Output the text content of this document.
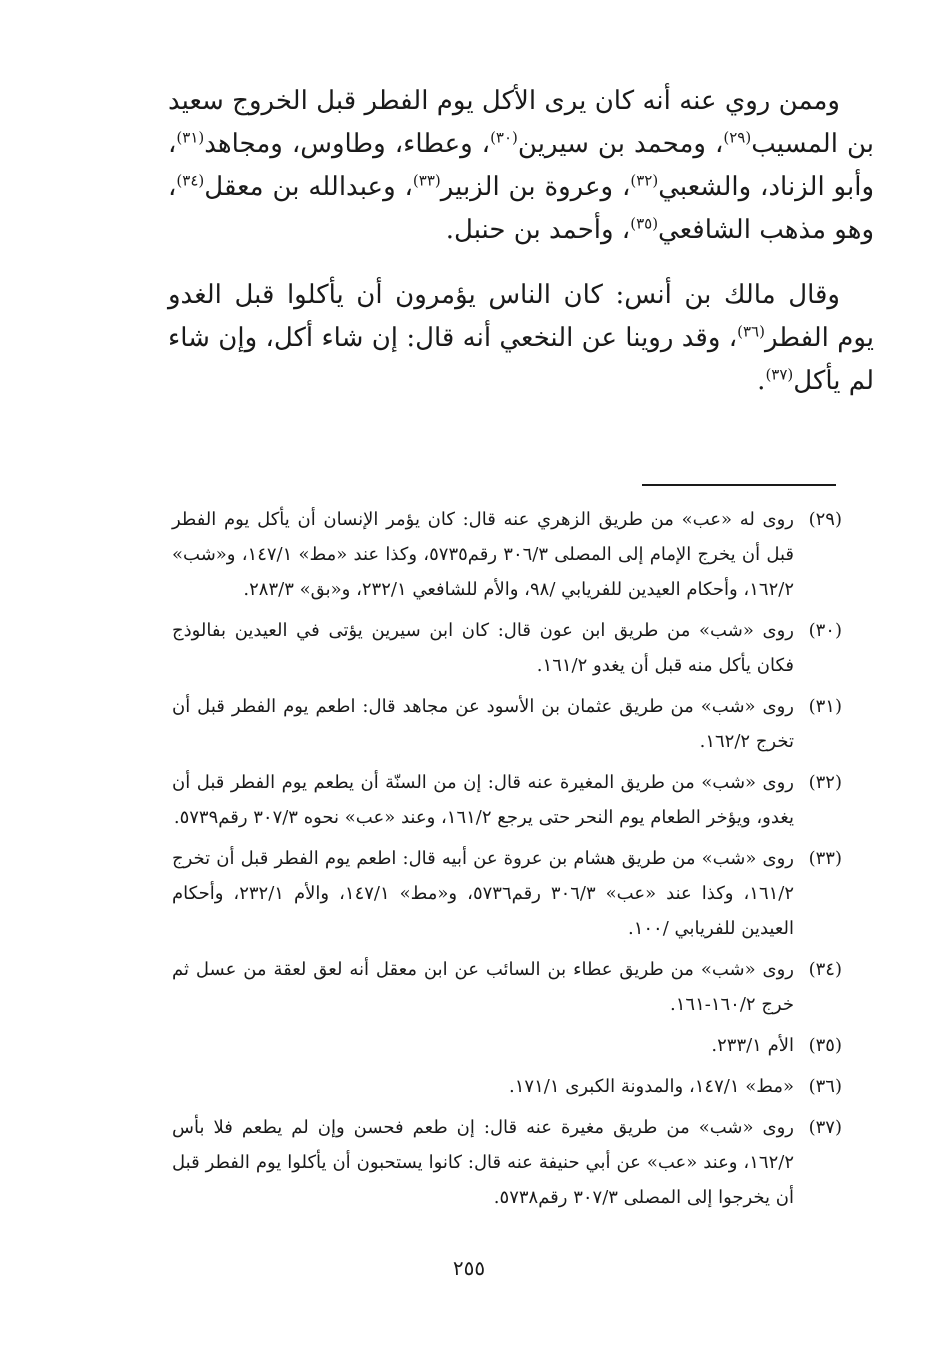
وممن روي عنه أنه كان يرى الأكل يوم الفطر قبل الخروج سعيد بن المسيب$^{(٢٩)}$، ومحمد بن سيرين$^{(٣٠)}$، وعطاء، وطاوس، ومجاهد$^{(٣١)}$، وأبو الزناد، والشعبي$^{(٣٢)}$، وعروة بن الزبير$^{(٣٣)}$، وعبدالله بن معقل$^{(٣٤)}$، وهو مذهب الشافعي$^{(٣٥)}$، وأحمد بن حنبل.

وقال مالك بن أنس: كان الناس يؤمرون أن يأكلوا قبل الغدو يوم الفطر$^{(٣٦)}$، وقد روينا عن النخعي أنه قال: إن شاء أكل، وإن شاء لم يأكل$^{(٣٧)}$.

(٢٩)
روى له «عب» من طريق الزهري عنه قال: كان يؤمر الإنسان أن يأكل يوم الفطر قبل أن يخرج الإمام إلى المصلى ٣٠٦/٣ رقم٥٧٣٥، وكذا عند «مط» ١٤٧/١، و«شب» ١٦٢/٢، وأحكام العيدين للفريابي /٩٨، والأم للشافعي ٢٣٢/١، و«بق» ٢٨٣/٣.
(٣٠)
روى «شب» من طريق ابن عون قال: كان ابن سيرين يؤتى في العيدين بفالوذج فكان يأكل منه قبل أن يغدو ١٦١/٢.
(٣١)
روى «شب» من طريق عثمان بن الأسود عن مجاهد قال: اطعم يوم الفطر قبل أن تخرج ١٦٢/٢.
(٣٢)
روى «شب» من طريق المغيرة عنه قال: إن من السنّة أن يطعم يوم الفطر قبل أن يغدو، ويؤخر الطعام يوم النحر حتى يرجع ١٦١/٢، وعند «عب» نحوه ٣٠٧/٣ رقم٥٧٣٩.
(٣٣)
روى «شب» من طريق هشام بن عروة عن أبيه قال: اطعم يوم الفطر قبل أن تخرج ١٦١/٢، وكذا عند «عب» ٣٠٦/٣ رقم٥٧٣٦، و«مط» ١٤٧/١، والأم ٢٣٢/١، وأحكام العيدين للفريابي /١٠٠.
(٣٤)
روى «شب» من طريق عطاء بن السائب عن ابن معقل أنه لعق لعقة من عسل ثم خرج ١٦٠/٢-١٦١.
(٣٥)
الأم ٢٣٣/١.
(٣٦)
«مط» ١٤٧/١، والمدونة الكبرى ١٧١/١.
(٣٧)
روى «شب» من طريق مغيرة عنه قال: إن طعم فحسن وإن لم يطعم فلا بأس ١٦٢/٢، وعند «عب» عن أبي حنيفة عنه قال: كانوا يستحبون أن يأكلوا يوم الفطر قبل أن يخرجوا إلى المصلى ٣٠٧/٣ رقم٥٧٣٨.
٢٥٥
